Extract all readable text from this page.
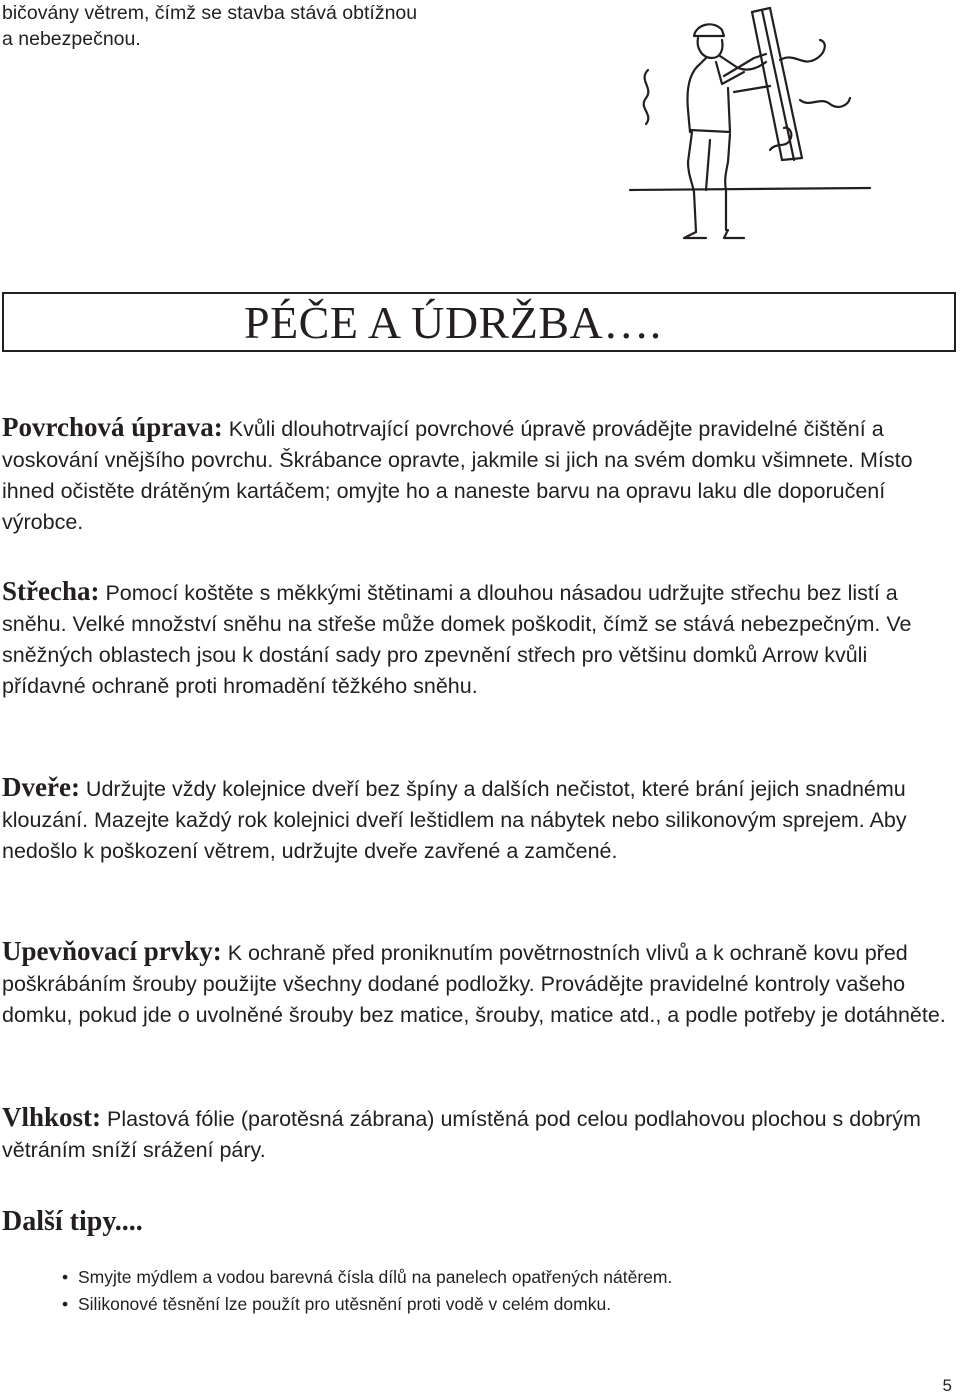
bičovány větrem, čímž se stavba stává obtížnou a nebezpečnou.

PÉČE A ÚDRŽBA….

Povrchová úprava: Kvůli dlouhotrvající povrchové úpravě provádějte pravidelné čištění a voskování vnějšího povrchu. Škrábance opravte, jakmile si jich na svém domku všimnete. Místo ihned očistěte drátěným kartáčem; omyjte ho a naneste barvu na opravu laku dle doporučení výrobce.

Střecha: Pomocí koštěte s měkkými štětinami a dlouhou násadou udržujte střechu bez listí a sněhu. Velké množství sněhu na střeše může domek poškodit, čímž se stává nebezpečným. Ve sněžných oblastech jsou k dostání sady pro zpevnění střech pro většinu domků Arrow kvůli přídavné ochraně proti hromadění těžkého sněhu.

Dveře: Udržujte vždy kolejnice dveří bez špíny a dalších nečistot, které brání jejich snadnému klouzání. Mazejte každý rok kolejnici dveří leštidlem na nábytek nebo silikonovým sprejem. Aby nedošlo k poškození větrem, udržujte dveře zavřené a zamčené.

Upevňovací prvky: K ochraně před proniknutím povětrnostních vlivů a k ochraně kovu před poškrábáním šrouby použijte všechny dodané podložky. Provádějte pravidelné kontroly vašeho domku, pokud jde o uvolněné šrouby bez matice, šrouby, matice atd., a podle potřeby je dotáhněte.

Vlhkost: Plastová fólie (parotěsná zábrana) umístěná pod celou podlahovou plochou s dobrým větráním sníží srážení páry.

Další tipy....
• Smyjte mýdlem a vodou barevná čísla dílů na panelech opatřených nátěrem.
• Silikonové těsnění lze použít pro utěsnění proti vodě v celém domku.
5
